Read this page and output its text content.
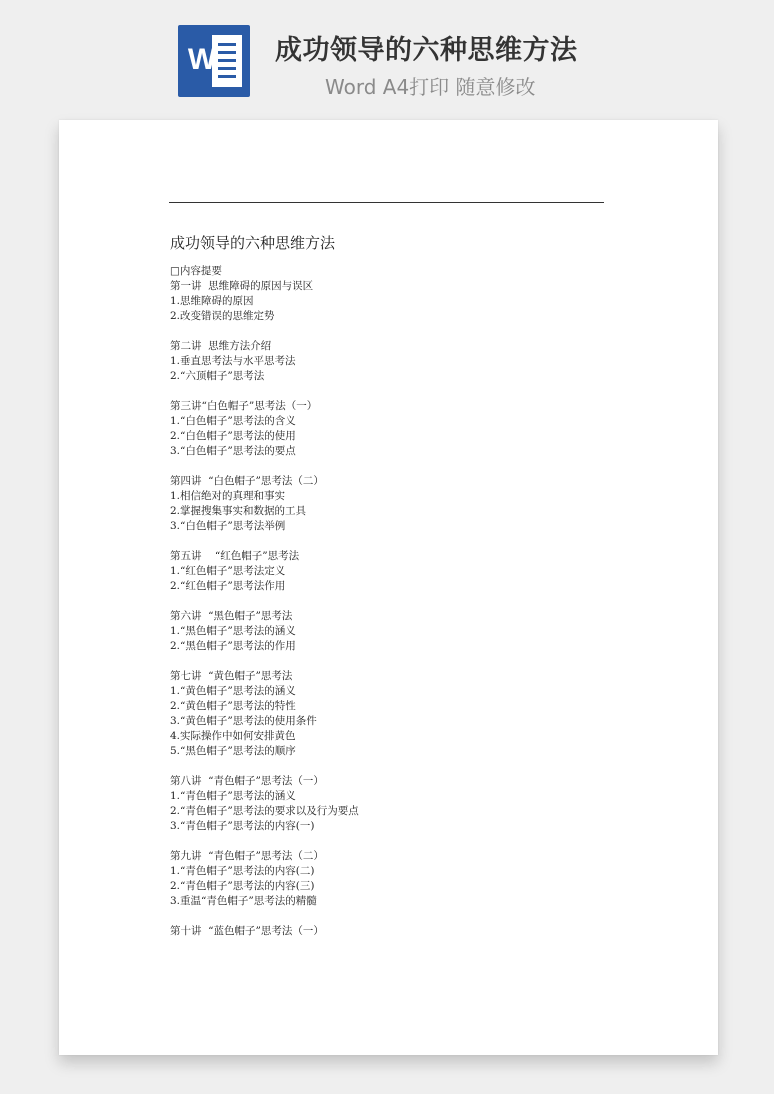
W 成功领导的六种思维方法
Word A4打印 随意修改
成功领导的六种思维方法
□内容提要
第一讲  思维障碍的原因与误区
1.思维障碍的原因
2.改变错误的思维定势
第二讲  思维方法介绍
1.垂直思考法与水平思考法
2.“六顶帽子”思考法
第三讲“白色帽子”思考法（一）
1.“白色帽子”思考法的含义
2.“白色帽子”思考法的使用
3.“白色帽子”思考法的要点
第四讲  “白色帽子”思考法（二）
1.相信绝对的真理和事实
2.掌握搜集事实和数据的工具
3.“白色帽子”思考法举例
第五讲    “红色帽子”思考法
1.“红色帽子”思考法定义
2.“红色帽子”思考法作用
第六讲  “黑色帽子”思考法
1.“黑色帽子”思考法的涵义
2.“黑色帽子”思考法的作用
第七讲  “黄色帽子”思考法
1.“黄色帽子”思考法的涵义
2.“黄色帽子”思考法的特性
3.“黄色帽子”思考法的使用条件
4.实际操作中如何安排黄色
5.“黑色帽子”思考法的顺序
第八讲  “青色帽子”思考法（一）
1.“青色帽子”思考法的涵义
2.“青色帽子”思考法的要求以及行为要点
3.“青色帽子”思考法的内容(一)
第九讲  “青色帽子”思考法（二）
1.“青色帽子”思考法的内容(二)
2.“青色帽子”思考法的内容(三)
3.重温“青色帽子”思考法的精髓
第十讲  “蓝色帽子”思考法（一）
